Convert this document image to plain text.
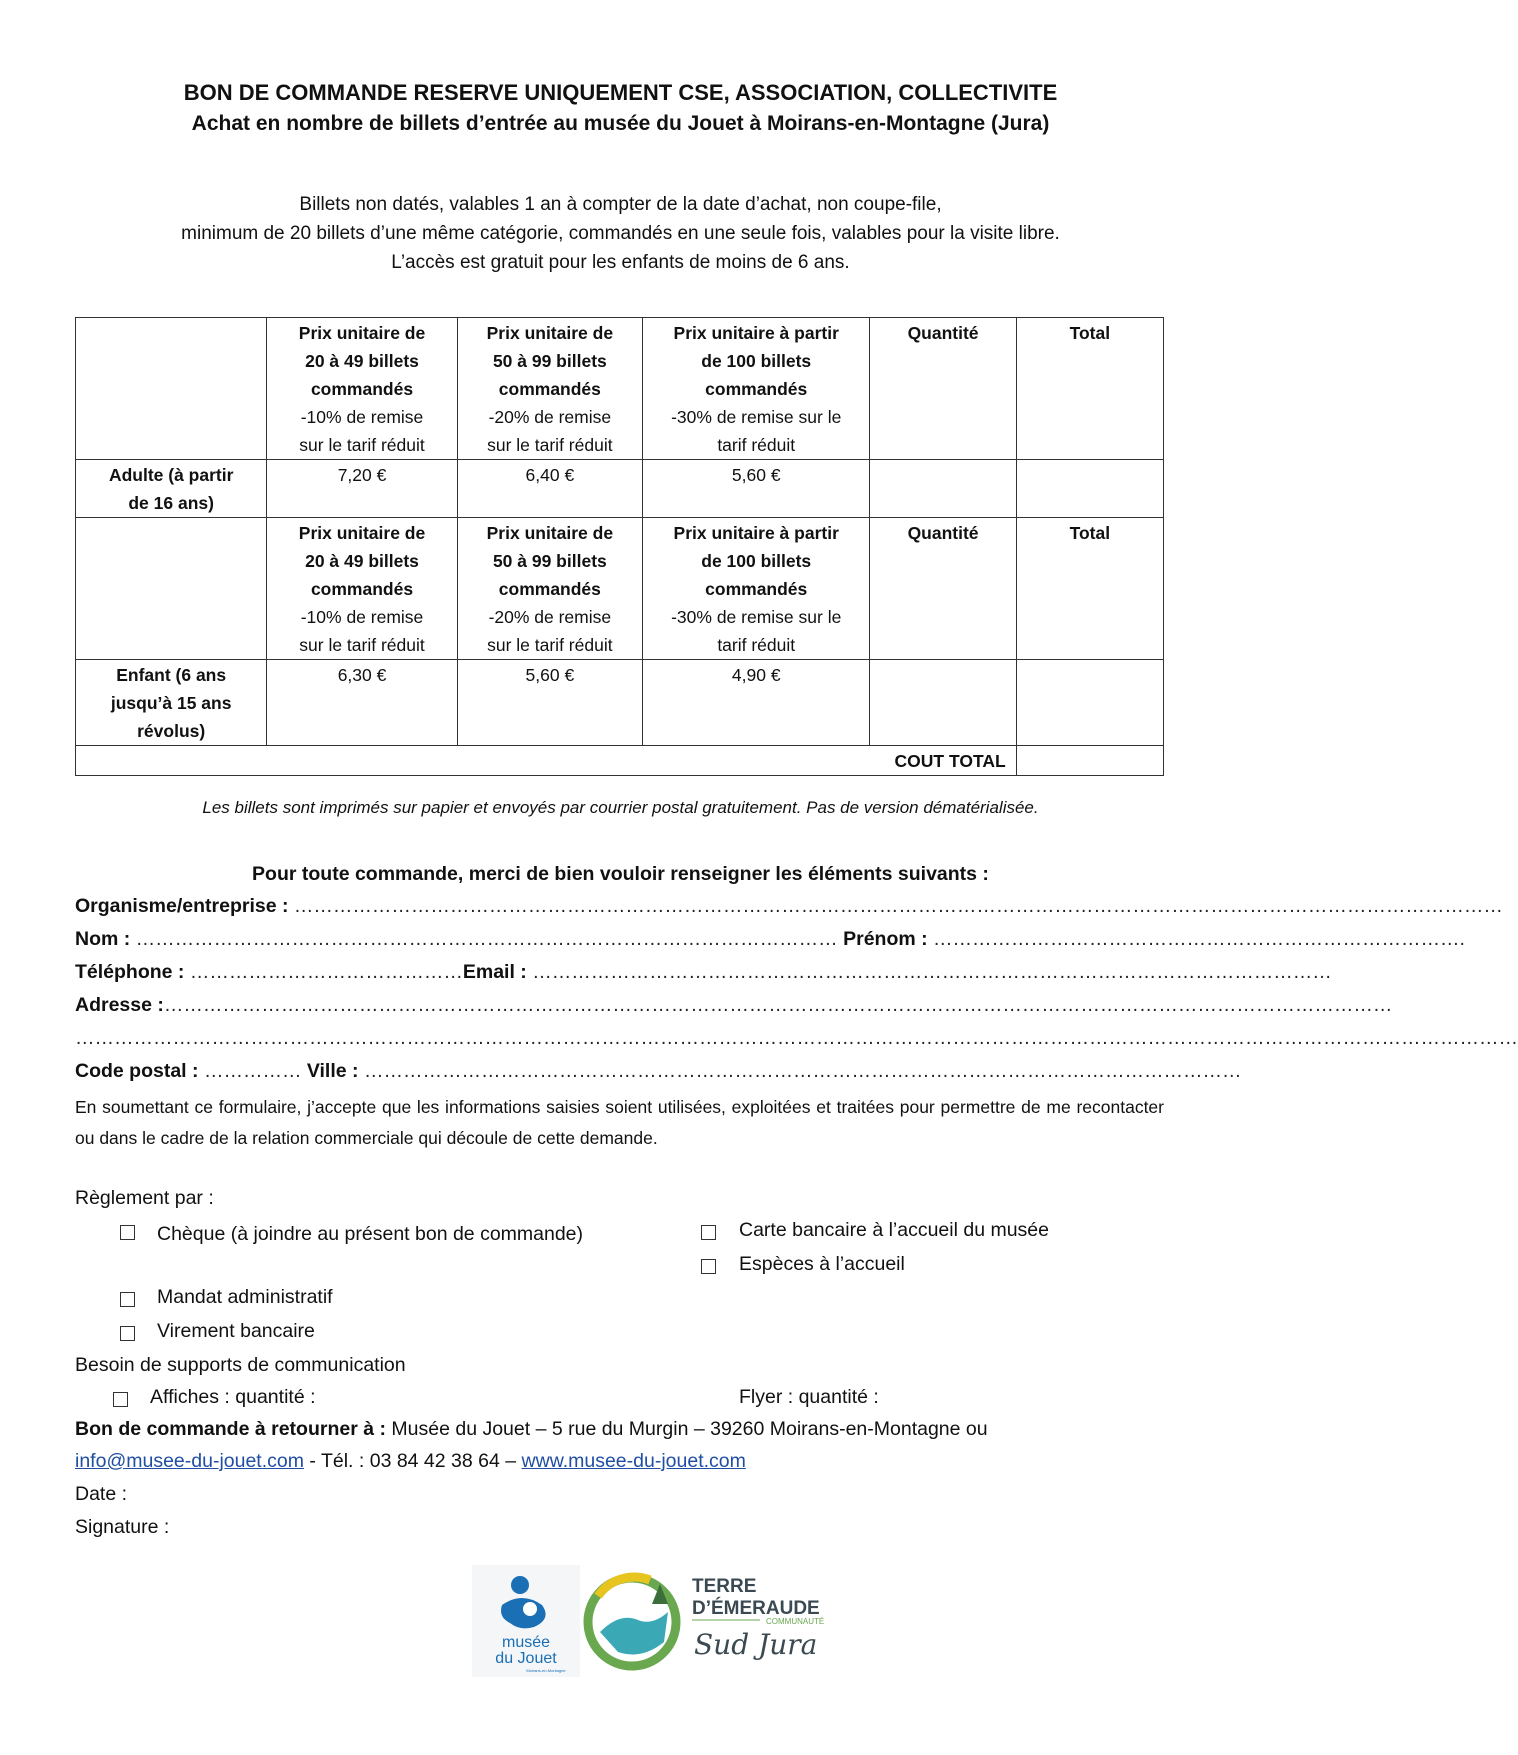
BON DE COMMANDE RESERVE UNIQUEMENT CSE, ASSOCIATION, COLLECTIVITE
Achat en nombre de billets d’entrée au musée du Jouet à Moirans-en-Montagne (Jura)
Billets non datés, valables 1 an à compter de la date d’achat, non coupe-file,
minimum de 20 billets d’une même catégorie, commandés en une seule fois, valables pour la visite libre.
L’accès est gratuit pour les enfants de moins de 6 ans.

	Prix unitaire de
20 à 49 billets
commandés
-10% de remise
sur le tarif réduit	Prix unitaire de
50 à 99 billets
commandés
-20% de remise
sur le tarif réduit	Prix unitaire à partir
de 100 billets
commandés
-30% de remise sur le
tarif réduit	Quantité	Total

Adulte (à partir
de 16 ans)	7,20 €	6,40 €	5,60 €		

	Prix unitaire de
20 à 49 billets
commandés
-10% de remise
sur le tarif réduit	Prix unitaire de
50 à 99 billets
commandés
-20% de remise
sur le tarif réduit	Prix unitaire à partir
de 100 billets
commandés
-30% de remise sur le
tarif réduit	Quantité	Total

Enfant (6 ans
jusqu’à 15 ans
révolus)	6,30 €	5,60 €	4,90 €		
COUT TOTAL					
Les billets sont imprimés sur papier et envoyés par courrier postal gratuitement. Pas de version dématérialisée.
Pour toute commande, merci de bien vouloir renseigner les éléments suivants :
Organisme/entreprise : ……………………………………………………………………………………………………………………………………………………………………
Nom : ……………………………………………………………………………………………… Prénom : ……………………………………………………………………….
Téléphone : ……………………………………Email : ……………………………………………………………………………………………………………
Adresse :………………………………………………………………………………………………………………………………………………………………………
……………………………………………………………………………………………………………………………………………………………………………………………………
Code postal : …………… Ville : ………………………………………………………………………………………………………………………
En soumettant ce formulaire, j’accepte que les informations saisies soient utilisées, exploitées et traitées pour permettre de me recontacter ou dans le cadre de la relation commerciale qui découle de cette demande.
Règlement par :
Chèque (à joindre au présent bon de commande)
Mandat administratif
Virement bancaire
Carte bancaire à l’accueil du musée
Espèces à l’accueil
Besoin de supports de communication
Affiches : quantité :	Flyer : quantité :
Bon de commande à retourner à : Musée du Jouet – 5 rue du Murgin – 39260 Moirans-en-Montagne ou
info@musee-du-jouet.com - Tél. : 03 84 42 38 64 – www.musee-du-jouet.com
Date :
Signature :
musée
du Jouet
Moirans-en-Montagne
TERRE
D’ÉMERAUDE
COMMUNAUTÉ
Sud Jura
